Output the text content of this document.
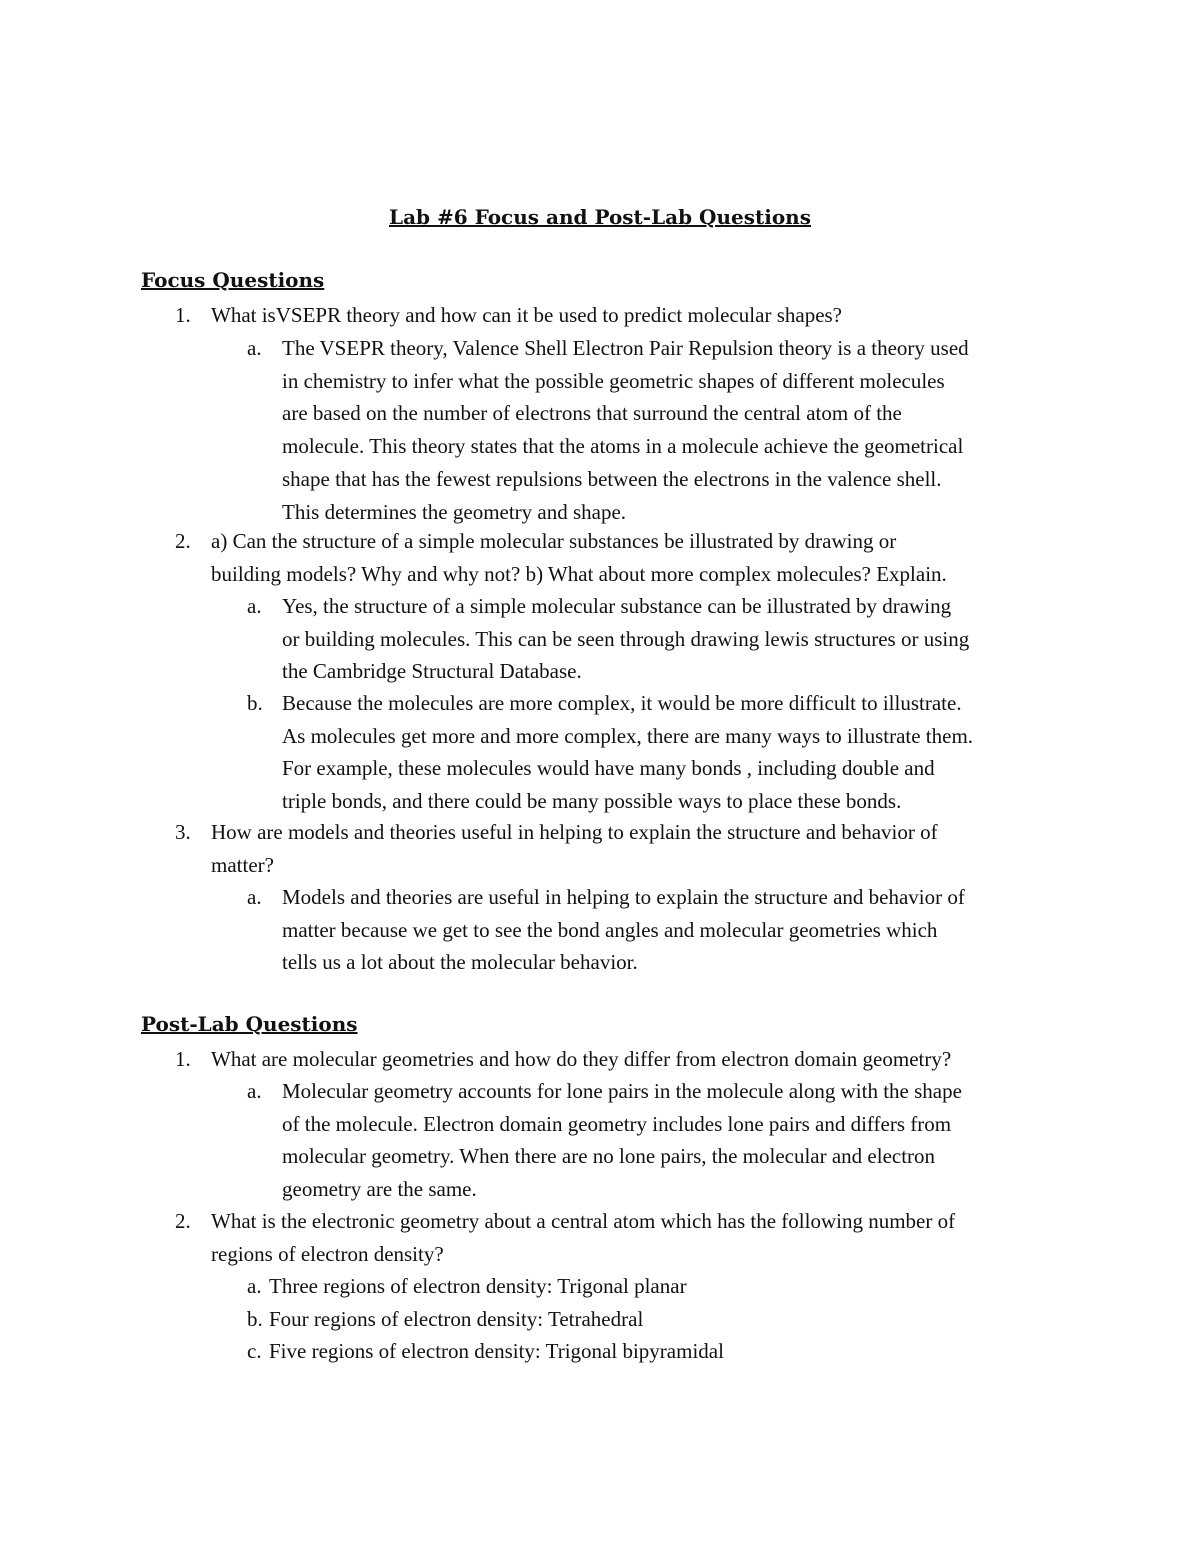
Lab #6 Focus and Post-Lab Questions
Focus Questions
1. What isVSEPR theory and how can it be used to predict molecular shapes?
a. The VSEPR theory, Valence Shell Electron Pair Repulsion theory is a theory used
in chemistry to infer what the possible geometric shapes of different molecules
are based on the number of electrons that surround the central atom of the
molecule. This theory states that the atoms in a molecule achieve the geometrical
shape that has the fewest repulsions between the electrons in the valence shell.
This determines the geometry and shape.
2. a) Can the structure of a simple molecular substances be illustrated by drawing or
building models? Why and why not? b) What about more complex molecules? Explain.
a. Yes, the structure of a simple molecular substance can be illustrated by drawing
or building molecules. This can be seen through drawing lewis structures or using
the Cambridge Structural Database.
b. Because the molecules are more complex, it would be more difficult to illustrate.
As molecules get more and more complex, there are many ways to illustrate them.
For example, these molecules would have many bonds , including double and
triple bonds, and there could be many possible ways to place these bonds.
3. How are models and theories useful in helping to explain the structure and behavior of
matter?
a. Models and theories are useful in helping to explain the structure and behavior of
matter because we get to see the bond angles and molecular geometries which
tells us a lot about the molecular behavior.
Post-Lab Questions
1. What are molecular geometries and how do they differ from electron domain geometry?
a. Molecular geometry accounts for lone pairs in the molecule along with the shape
of the molecule. Electron domain geometry includes lone pairs and differs from
molecular geometry. When there are no lone pairs, the molecular and electron
geometry are the same.
2. What is the electronic geometry about a central atom which has the following number of
regions of electron density?
a. Three regions of electron density: Trigonal planar
b. Four regions of electron density: Tetrahedral
c. Five regions of electron density: Trigonal bipyramidal
